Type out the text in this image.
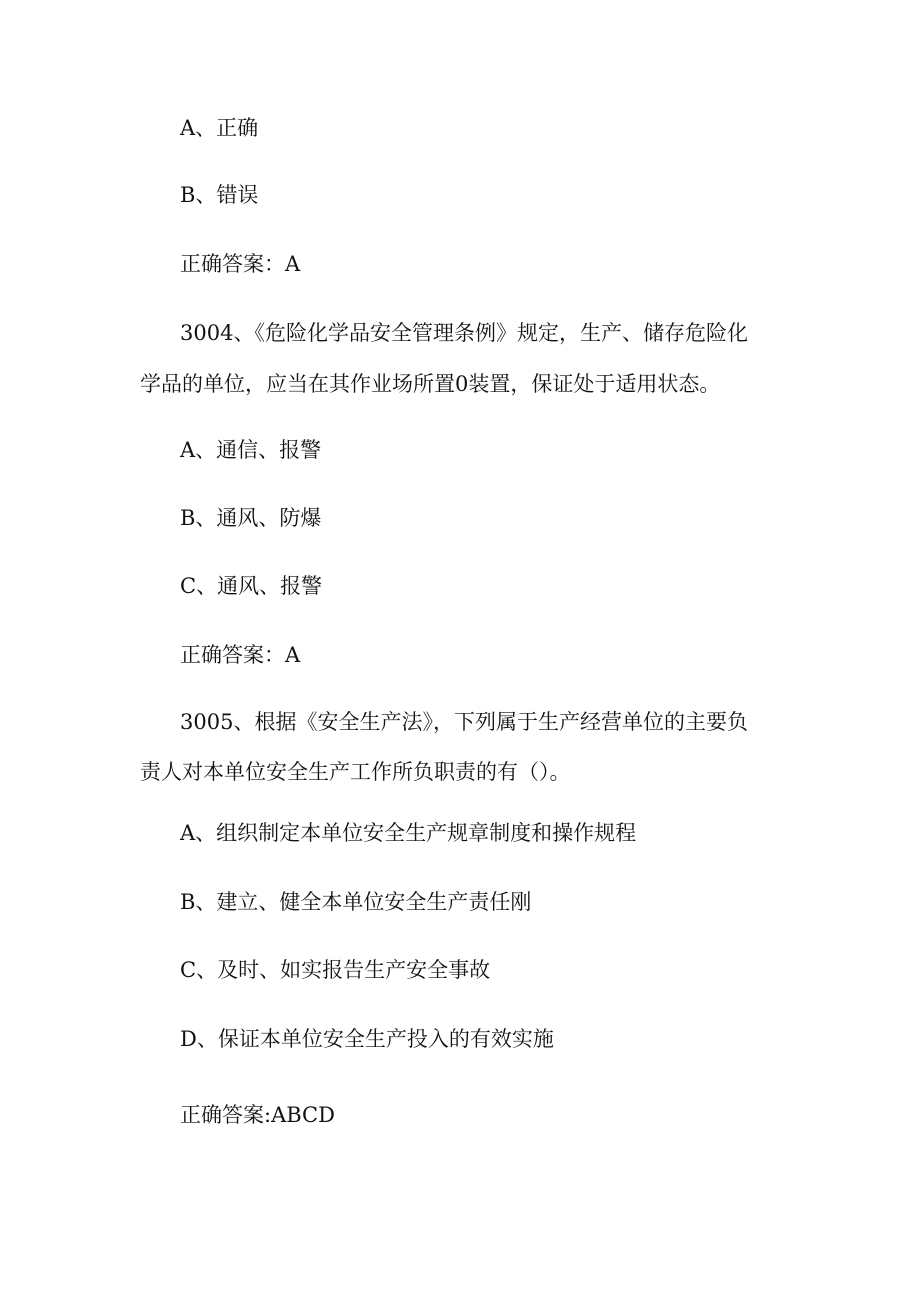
A、正确
B、错误
正确答案：A
3004、《危险化学品安全管理条例》规定，生产、储存危险化
学品的单位，应当在其作业场所置0装置，保证处于适用状态。
A、通信、报警
B、通风、防爆
C、通风、报警
正确答案：A
3005、根据《安全生产法》，下列属于生产经营单位的主要负
责人对本单位安全生产工作所负职责的有（）。
A、组织制定本单位安全生产规章制度和操作规程
B、建立、健全本单位安全生产责任刚
C、及时、如实报告生产安全事故
D、保证本单位安全生产投入的有效实施
正确答案:ABCD
